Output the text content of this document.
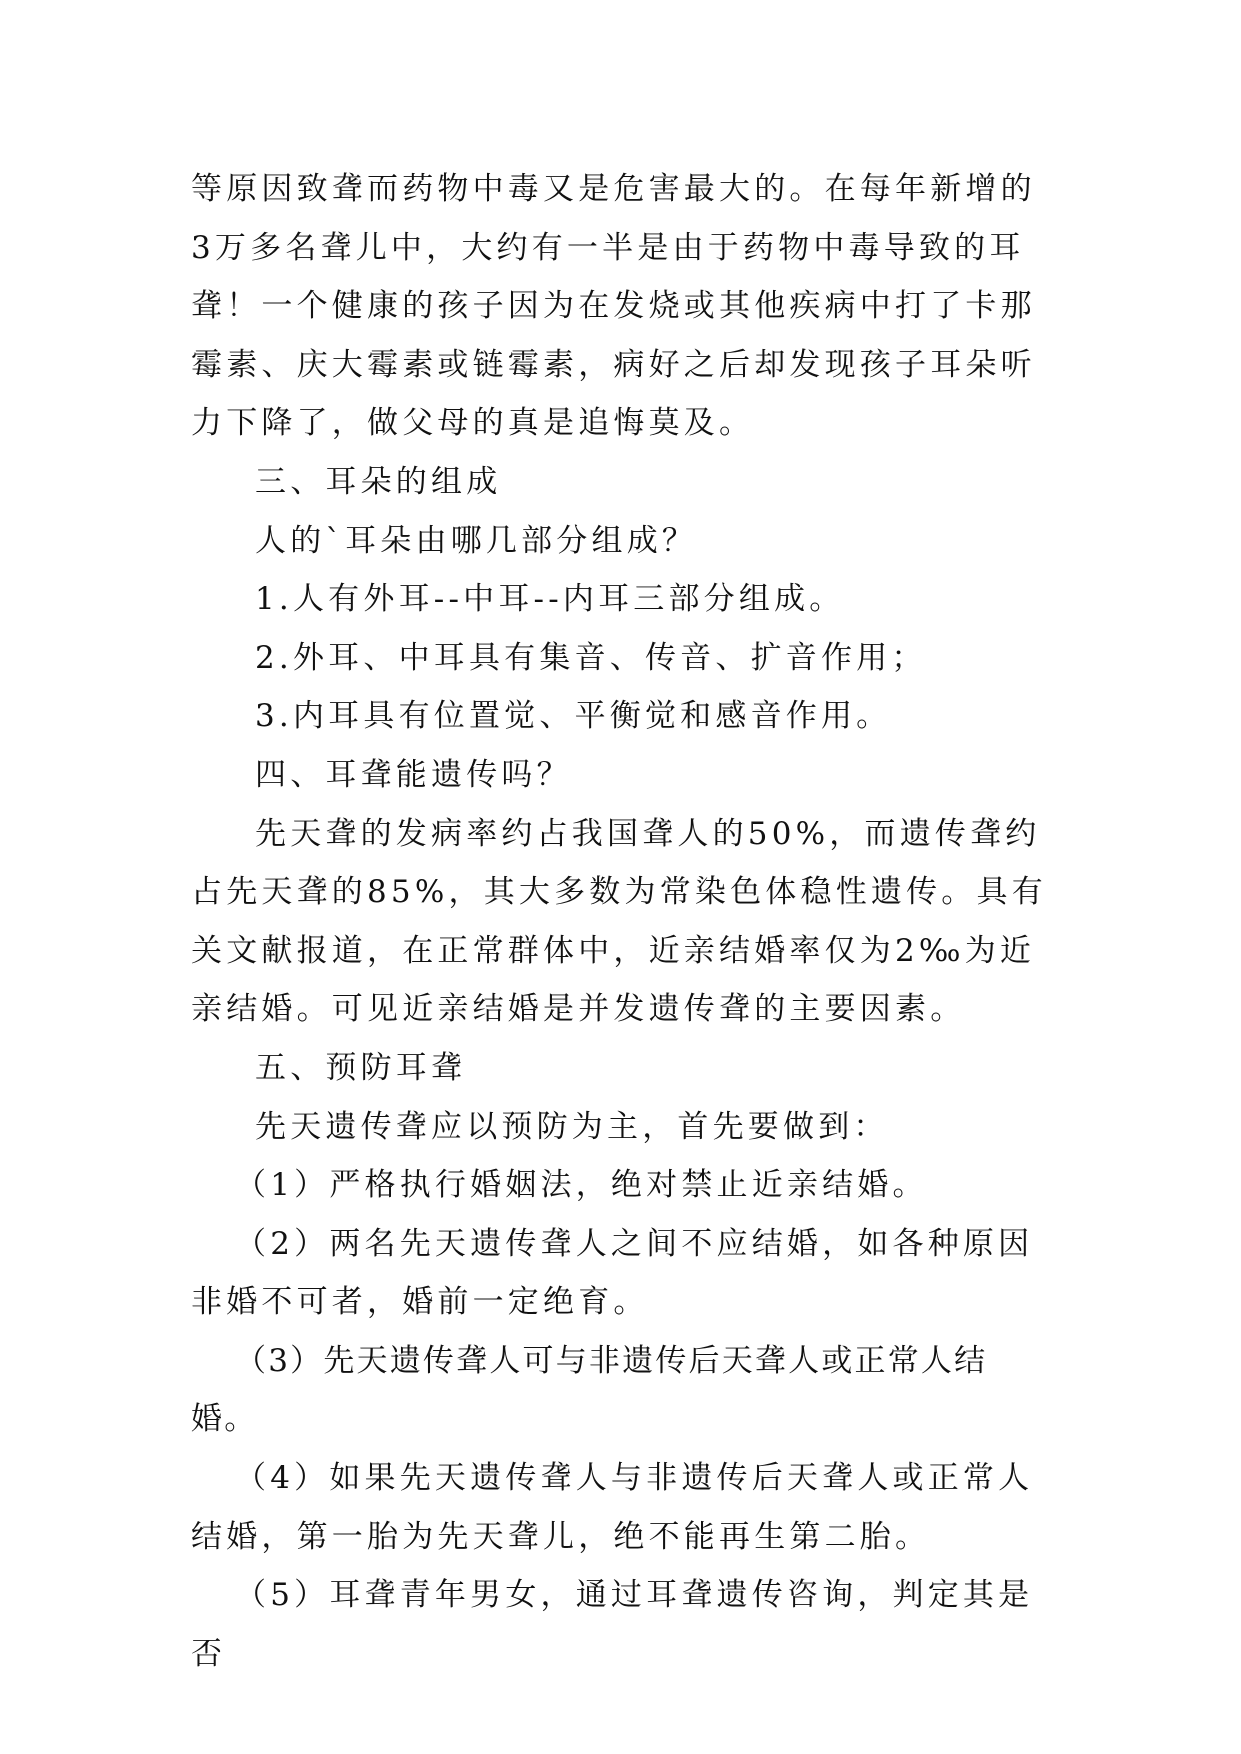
等原因致聋而药物中毒又是危害最大的。在每年新增的3万多名聋儿中，大约有一半是由于药物中毒导致的耳聋！一个健康的孩子因为在发烧或其他疾病中打了卡那霉素、庆大霉素或链霉素，病好之后却发现孩子耳朵听力下降了，做父母的真是追悔莫及。

三、耳朵的组成

人的`耳朵由哪几部分组成？

1.人有外耳--中耳--内耳三部分组成。

2.外耳、中耳具有集音、传音、扩音作用；

3.内耳具有位置觉、平衡觉和感音作用。

四、耳聋能遗传吗？

先天聋的发病率约占我国聋人的50%，而遗传聋约占先天聋的85%，其大多数为常染色体稳性遗传。具有关文献报道，在正常群体中，近亲结婚率仅为2‰为近亲结婚。可见近亲结婚是并发遗传聋的主要因素。

五、预防耳聋

先天遗传聋应以预防为主，首先要做到：

（1）严格执行婚姻法，绝对禁止近亲结婚。

（2）两名先天遗传聋人之间不应结婚，如各种原因非婚不可者，婚前一定绝育。

（3）先天遗传聋人可与非遗传后天聋人或正常人结婚。

（4）如果先天遗传聋人与非遗传后天聋人或正常人结婚，第一胎为先天聋儿，绝不能再生第二胎。

（5）耳聋青年男女，通过耳聋遗传咨询，判定其是否
